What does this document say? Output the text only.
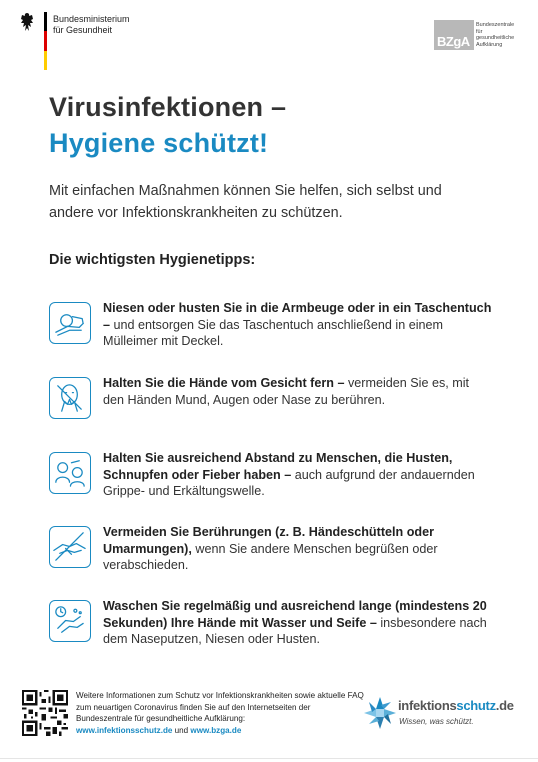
Bundesministerium
für Gesundheit
BZgA
Bundeszentrale
für
gesundheitliche
Aufklärung
Virusinfektionen –
Hygiene schützt!
Mit einfachen Maßnahmen können Sie helfen, sich selbst und andere vor Infektionskrankheiten zu schützen.
Die wichtigsten Hygienetipps:
Niesen oder husten Sie in die Armbeuge oder in ein Taschentuch – und entsorgen Sie das Taschentuch anschließend in einem Mülleimer mit Deckel.
Halten Sie die Hände vom Gesicht fern – vermeiden Sie es, mit den Händen Mund, Augen oder Nase zu berühren.
Halten Sie ausreichend Abstand zu Menschen, die Husten, Schnupfen oder Fieber haben – auch aufgrund der andauernden Grippe- und Erkältungswelle.
Vermeiden Sie Berührungen (z. B. Händeschütteln oder Umarmungen), wenn Sie andere Menschen begrüßen oder verabschieden.
Waschen Sie regelmäßig und ausreichend lange (mindestens 20 Sekunden) Ihre Hände mit Wasser und Seife – insbesondere nach dem Naseputzen, Niesen oder Husten.
Weitere Informationen zum Schutz vor Infektionskrankheiten sowie aktuelle FAQ zum neuartigen Coronavirus finden Sie auf den Internetseiten der Bundeszentrale für gesundheitliche Aufklärung:
www.infektionsschutz.de und www.bzga.de
infektionsschutz.de
Wissen, was schützt.
